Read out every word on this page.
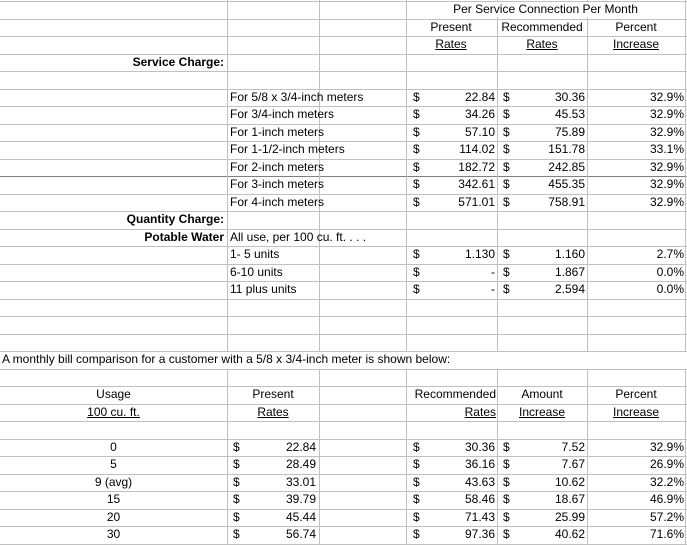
Per Service Connection Per Month
Present	Recommended	Percent
Rates	Rates	Increase
Service Charge:
For 5/8 x 3/4-inch meters	$	22.84 $	30.36	32.9%
For 3/4-inch meters	$	34.26 $	45.53	32.9%
For 1-inch meters	$	57.10 $	75.89	32.9%
For 1-1/2-inch meters	$	114.02 $	151.78	33.1%
For 2-inch meters	$	182.72 $	242.85	32.9%
For 3-inch meters	$	342.61 $	455.35	32.9%
For 4-inch meters	$	571.01 $	758.91	32.9%
Quantity Charge:
Potable Water All use, per 100 cu. ft. . . .
1- 5 units	$	1.130 $	1.160	2.7%
6-10 units	$	- $	1.867	0.0%
11 plus units	$	- $	2.594	0.0%
A monthly bill comparison for a customer with a 5/8 x 3/4-inch meter is shown below:
Usage	Present	Recommended	Amount	Percent
100 cu. ft.	Rates	Rates	Increase	Increase
0	$	22.84	$	30.36 $	7.52	32.9%
5	$	28.49	$	36.16 $	7.67	26.9%
9 (avg)	$	33.01	$	43.63 $	10.62	32.2%
15	$	39.79	$	58.46 $	18.67	46.9%
20	$	45.44	$	71.43 $	25.99	57.2%
30	$	56.74	$	97.36 $	40.62	71.6%
